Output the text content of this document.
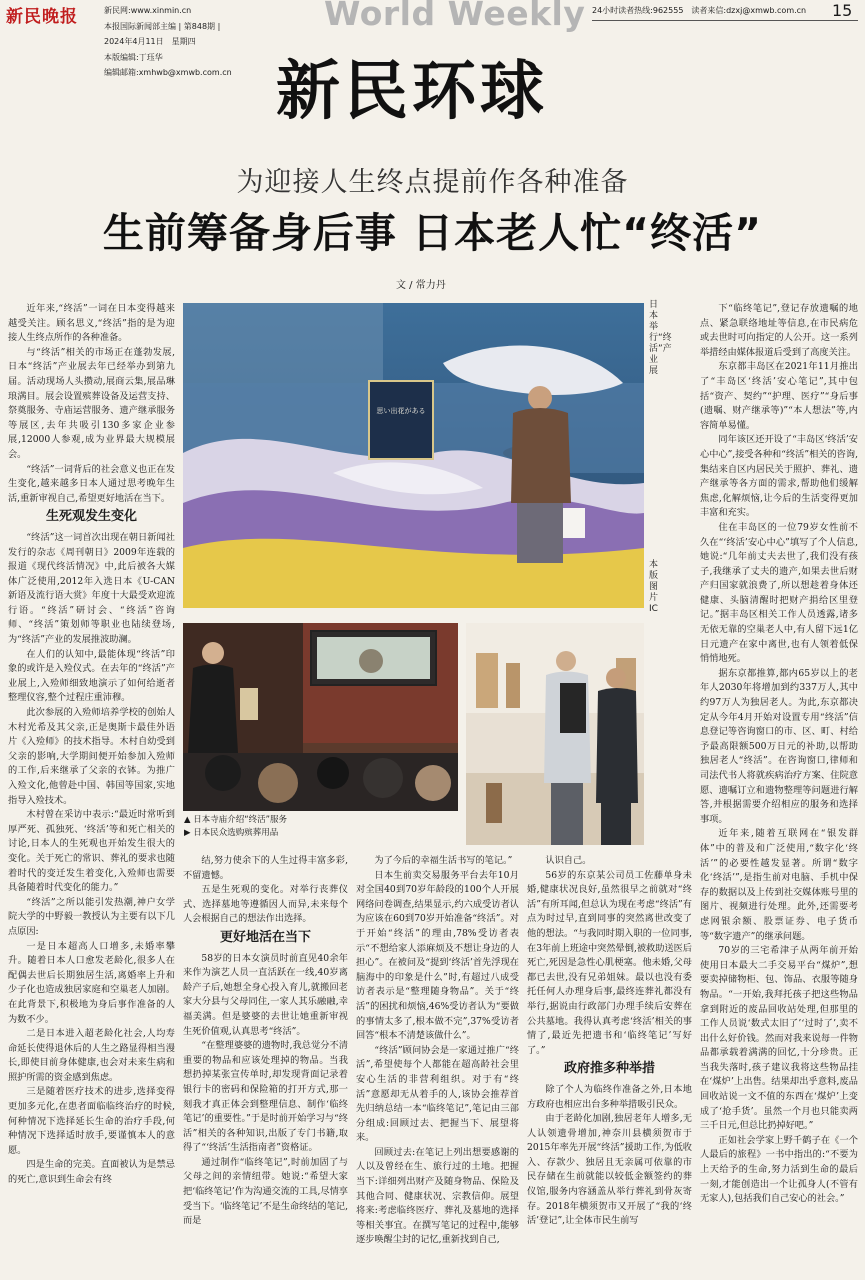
新民晚报	新民网:www.xinmin.cn
本报国际新闻部主编 | 第848期 |
2024年4月11日　星期四
本版编辑:丁珏华
编辑邮箱:xmhwb@xmwb.com.cn
World Weekly 24小时读者热线:962555　读者来信:dzxj@xmwb.com.cn 15
新民环球
为迎接人生终点提前作各种准备
生前筹备身后事 日本老人忙“终活”
文 / 常力丹

近年来,“终活”一词在日本变得越来越受关注。顾名思义,“终活”指的是为迎接人生终点所作的各种准备。

与“终活”相关的市场正在蓬勃发展,日本“终活”产业展去年已经举办到第九届。活动现场人头攒动,展商云集,展品琳琅满目。展会设置殡葬设备及运营支持、祭奠服务、寺庙运营服务、遗产继承服务等展区,去年共吸引130多家企业参展,12000人参观,成为业界最大规模展会。

“终活”一词背后的社会意义也正在发生变化,越来越多日本人通过思考晚年生活,重新审视自己,希望更好地活在当下。

生死观发生变化

“终活”这一词首次出现在朝日新闻社发行的杂志《周刊朝日》2009年连载的报道《现代终活情况》中,此后被各大媒体广泛使用,2012年入选日本《U-CAN新语及流行语大赏》年度十大最受欢迎流行语。“终活”研讨会、“终活”咨询师、“终活”策划师等职业也陆续登场,为“终活”产业的发展推波助澜。

在人们的认知中,最能体现“终活”印象的或许是入殓仪式。在去年的“终活”产业展上,入殓师细致地演示了如何给逝者整理仪容,整个过程庄重沛穆。

此次参展的入殓师培养学校的创始人木村光希及其父亲,正是奥斯卡最佳外语片《入殓师》的技术指导。木村自幼受到父亲的影响,大学期间便开始参加入殓师的工作,后来继承了父亲的衣钵。为推广入殓文化,他曾赴中国、韩国等国家,实地指导入殓技术。

木村曾在采访中表示:“最近时常听到厚严死、孤独死、‘终活’等和死亡相关的讨论,日本人的生死观也开始发生很大的变化。关于死亡的常识、葬礼的要求也随着时代的变迁发生着变化,入殓师也需要具备随着时代变化的能力。”

“终活”之所以能引发热潮,神户女学院大学的中野毅一教授认为主要有以下几点原因:

一是日本超高人口增多,未婚率攀升。随着日本人口愈发老龄化,很多人在配偶去世后长期独居生活,离婚率上升和少子化也造成独居家庭和空巢老人加剧。在此背景下,积极地为身后事作准备的人为数不少。

二是日本进入超老龄化社会,人均寿命延长使得退休后的人生之路显得相当漫长,即使目前身体健康,也会对未来生病和照护所需的资金感到焦虑。

三是随着医疗技术的进步,选择变得更加多元化,在患者面临临终治疗的时候,何种情况下选择延长生命的治疗手段,何种情况下选择适时放手,要谨慎本人的意愿。

四是生命的完美。直面被认为是禁忌的死亡,意识到生命会有终

思い出花がある
日本举行“终活”产业展
本版图片 IC
▲ 日本寺庙介绍“终活”服务
▶ 日本民众选购殡葬用品

结,努力使余下的人生过得丰富多彩,不留遗憾。

五是生死观的变化。对举行丧葬仪式、选择墓地等遵循因人而异,未来每个人会根据自己的想法作出选择。

更好地活在当下

58岁的日本女演员时前直见40余年来作为演艺人员一直活跃在一线,40岁离龄产子后,她想全身心投入育儿,就搬回老家大分县与父母同住,一家人其乐融融,幸福美满。但是婆婆的去世让她重新审视生死价值观,认真思考“终活”。

“在整理婆婆的遗物时,我总觉分不清重要的物品和应该处理掉的物品。当我想扔掉某张宣传单时,却发现背面记录着银行卡的密码和保险箱的打开方式,那一刻我才真正体会到整理信息、制作‘临终笔记’的重要性。”于是时前开始学习与“终活”相关的各种知识,出版了专门书籍,取得了“‘终活’生活指南者”资格证。

通过制作“临终笔记”,时前加固了与父母之间的亲情纽带。她说:“希望大家把‘临终笔记’作为沟通交流的工具,尽情享受当下。‘临终笔记’不是生命终结的笔记,而是

为了今后的幸福生活书写的笔记。”

日本生前卖交易服务平台去年10月对全国40到70岁年龄段的100个人开展网络问卷调查,结果显示,约六成受访者认为应该在60到70岁开始准备“终活”。对于开始“终活”的理由,78%受访者表示“不想给家人添麻烦及不想让身边的人担心”。在被问及“提到‘终活’首先浮现在脑海中的印象是什么”时,有超过八成受访者表示是“整理随身物品”。关于“终活”的困扰和烦恼,46%受访者认为“要做的事情太多了,根本做不完”,37%受访者回答“根本不清楚该做什么”。

“终活”顾问协会是一家通过推广“终活”,希望使每个人都能在超高龄社会里安心生活的非营利组织。对于有“终活”意愿却无从着手的人,该协会推荐首先归纳总结一本“临终笔记”,笔记由三部分组成:回顾过去、把握当下、展望将来。

回顾过去:在笔记上列出想要感谢的人以及曾经在生、旅行过的土地。把握当下:详细列出财产及随身物品、保险及其他合同、健康状况、宗教信仰。展望将来:考虑临终医疗、葬礼及墓地的选择等相关事宜。在撰写笔记的过程中,能够逐步唤醒尘封的记忆,重新找到自己,

认识自己。

56岁的东京某公司员工佐藤单身未婚,健康状况良好,虽然很早之前就对“终活”有所耳闻,但总认为现在考虑“终活”有点为时过早,直到同事的突然离世改变了他的想法。“与我同时期入职的一位同事,在3年前上班途中突然晕倒,被救助送医后死亡,死因是急性心肌梗塞。他未婚,父母都已去世,没有兄弟姐妹。最以也没有委托任何人办理身后事,最终连葬礼都没有举行,据说由行政部门办理手续后安葬在公共墓地。我得认真考虑‘终活’相关的事情了,最近先把遗书和‘临终笔记’写好了。”

政府推多种举措

除了个人为临终作准备之外,日本地方政府也相应出台多种举措吸引民众。

由于老龄化加剧,独居老年人增多,无人认领遗骨增加,神奈川县横须贺市于2015年率先开展“终活”援助工作,为低收入、存款少、独居且无亲属可依靠的市民存储在生前就能以较低金额签约的葬仪馆,服务内容涵盖从举行葬礼到骨灰寄存。2018年横须贺市又开展了“我的‘终活’登记”,让全体市民生前写

下“临终笔记”,登记存放遗嘱的地点、紧急联络地址等信息,在市民病危或去世时可向指定的人公开。这一系列举措经由媒体报道后受到了高度关注。

东京都丰岛区在2021年11月推出了“丰岛区‘终活’安心笔记”,其中包括“资产、契约”“护理、医疗”“身后事(遗嘱、财产继承等)”“本人想法”等,内容简单易懂。

同年该区还开设了“丰岛区‘终活’安心中心”,接受各种和“终活”相关的咨询,集结来自区内居民关于照护、葬礼、遗产继承等各方面的需求,帮助他们缓解焦虑,化解烦恼,让今后的生活变得更加丰富和充实。

住在丰岛区的一位79岁女性前不久在“‘终活’安心中心”填写了个人信息,她说:“几年前丈夫去世了,我们没有孩子,我继承了丈夫的遗产,如果去世后财产归国家就浪费了,所以想趁着身体还健康、头脑清醒时把财产捐给区里登记。”据丰岛区相关工作人员透露,诸多无依无靠的空巢老人中,有人留下远1亿日元遗产在家中离世,也有人领着低保悄悄地死。

据东京都推算,都内65岁以上的老年人2030年将增加到约337万人,其中约97万人为独居老人。为此,东京都决定从今年4月开始对设置专用“终活”信息登记等咨询窗口的市、区、町、村给予最高限额500万日元的补助,以帮助独居老人“终活”。在咨询窗口,律师和司法代书人将就疾病治疗方案、住院意愿、遗嘱订立和遗物整理等问题进行解答,并根据需要介绍相应的服务和选择事项。

近年来,随着互联网在“银发群体”中的普及和广泛使用,“数字化‘终活’”的必要性越发显著。所谓“数字化‘终活’”,是指生前对电脑、手机中保存的数据以及上传到社交媒体账号里的图片、视频进行处理。此外,还需要考虑网银余额、股票证券、电子货币等“数字遗产”的继承问题。

70岁的三宅希津子从两年前开始使用日本最大二手交易平台“煤炉”,想要卖掉储物柜、包、饰品、衣服等随身物品。“一开始,我拜托孩子把这些物品拿到附近的废品回收站处理,但那里的工作人员说‘数式太旧了’‘过时了’,卖不出什么好价钱。然而对我来说每一件物品都承载着满满的回忆,十分珍贵。正当我失落时,孩子建议我将这些物品挂在‘煤炉’上出售。结果却出乎意料,废品回收站说一文不值的东西在‘煤炉’上变成了‘抢手货’。虽然一个月也只能卖两三千日元,但总比扔掉好吧。”

正如社会学家上野千鹤子在《一个人最后的旅程》一书中指出的:“不要为上天给予的生命,努力活到生命的最后一刻,才能创造出一个让孤身人(不管有无家人),包括我们自己安心的社会。”
